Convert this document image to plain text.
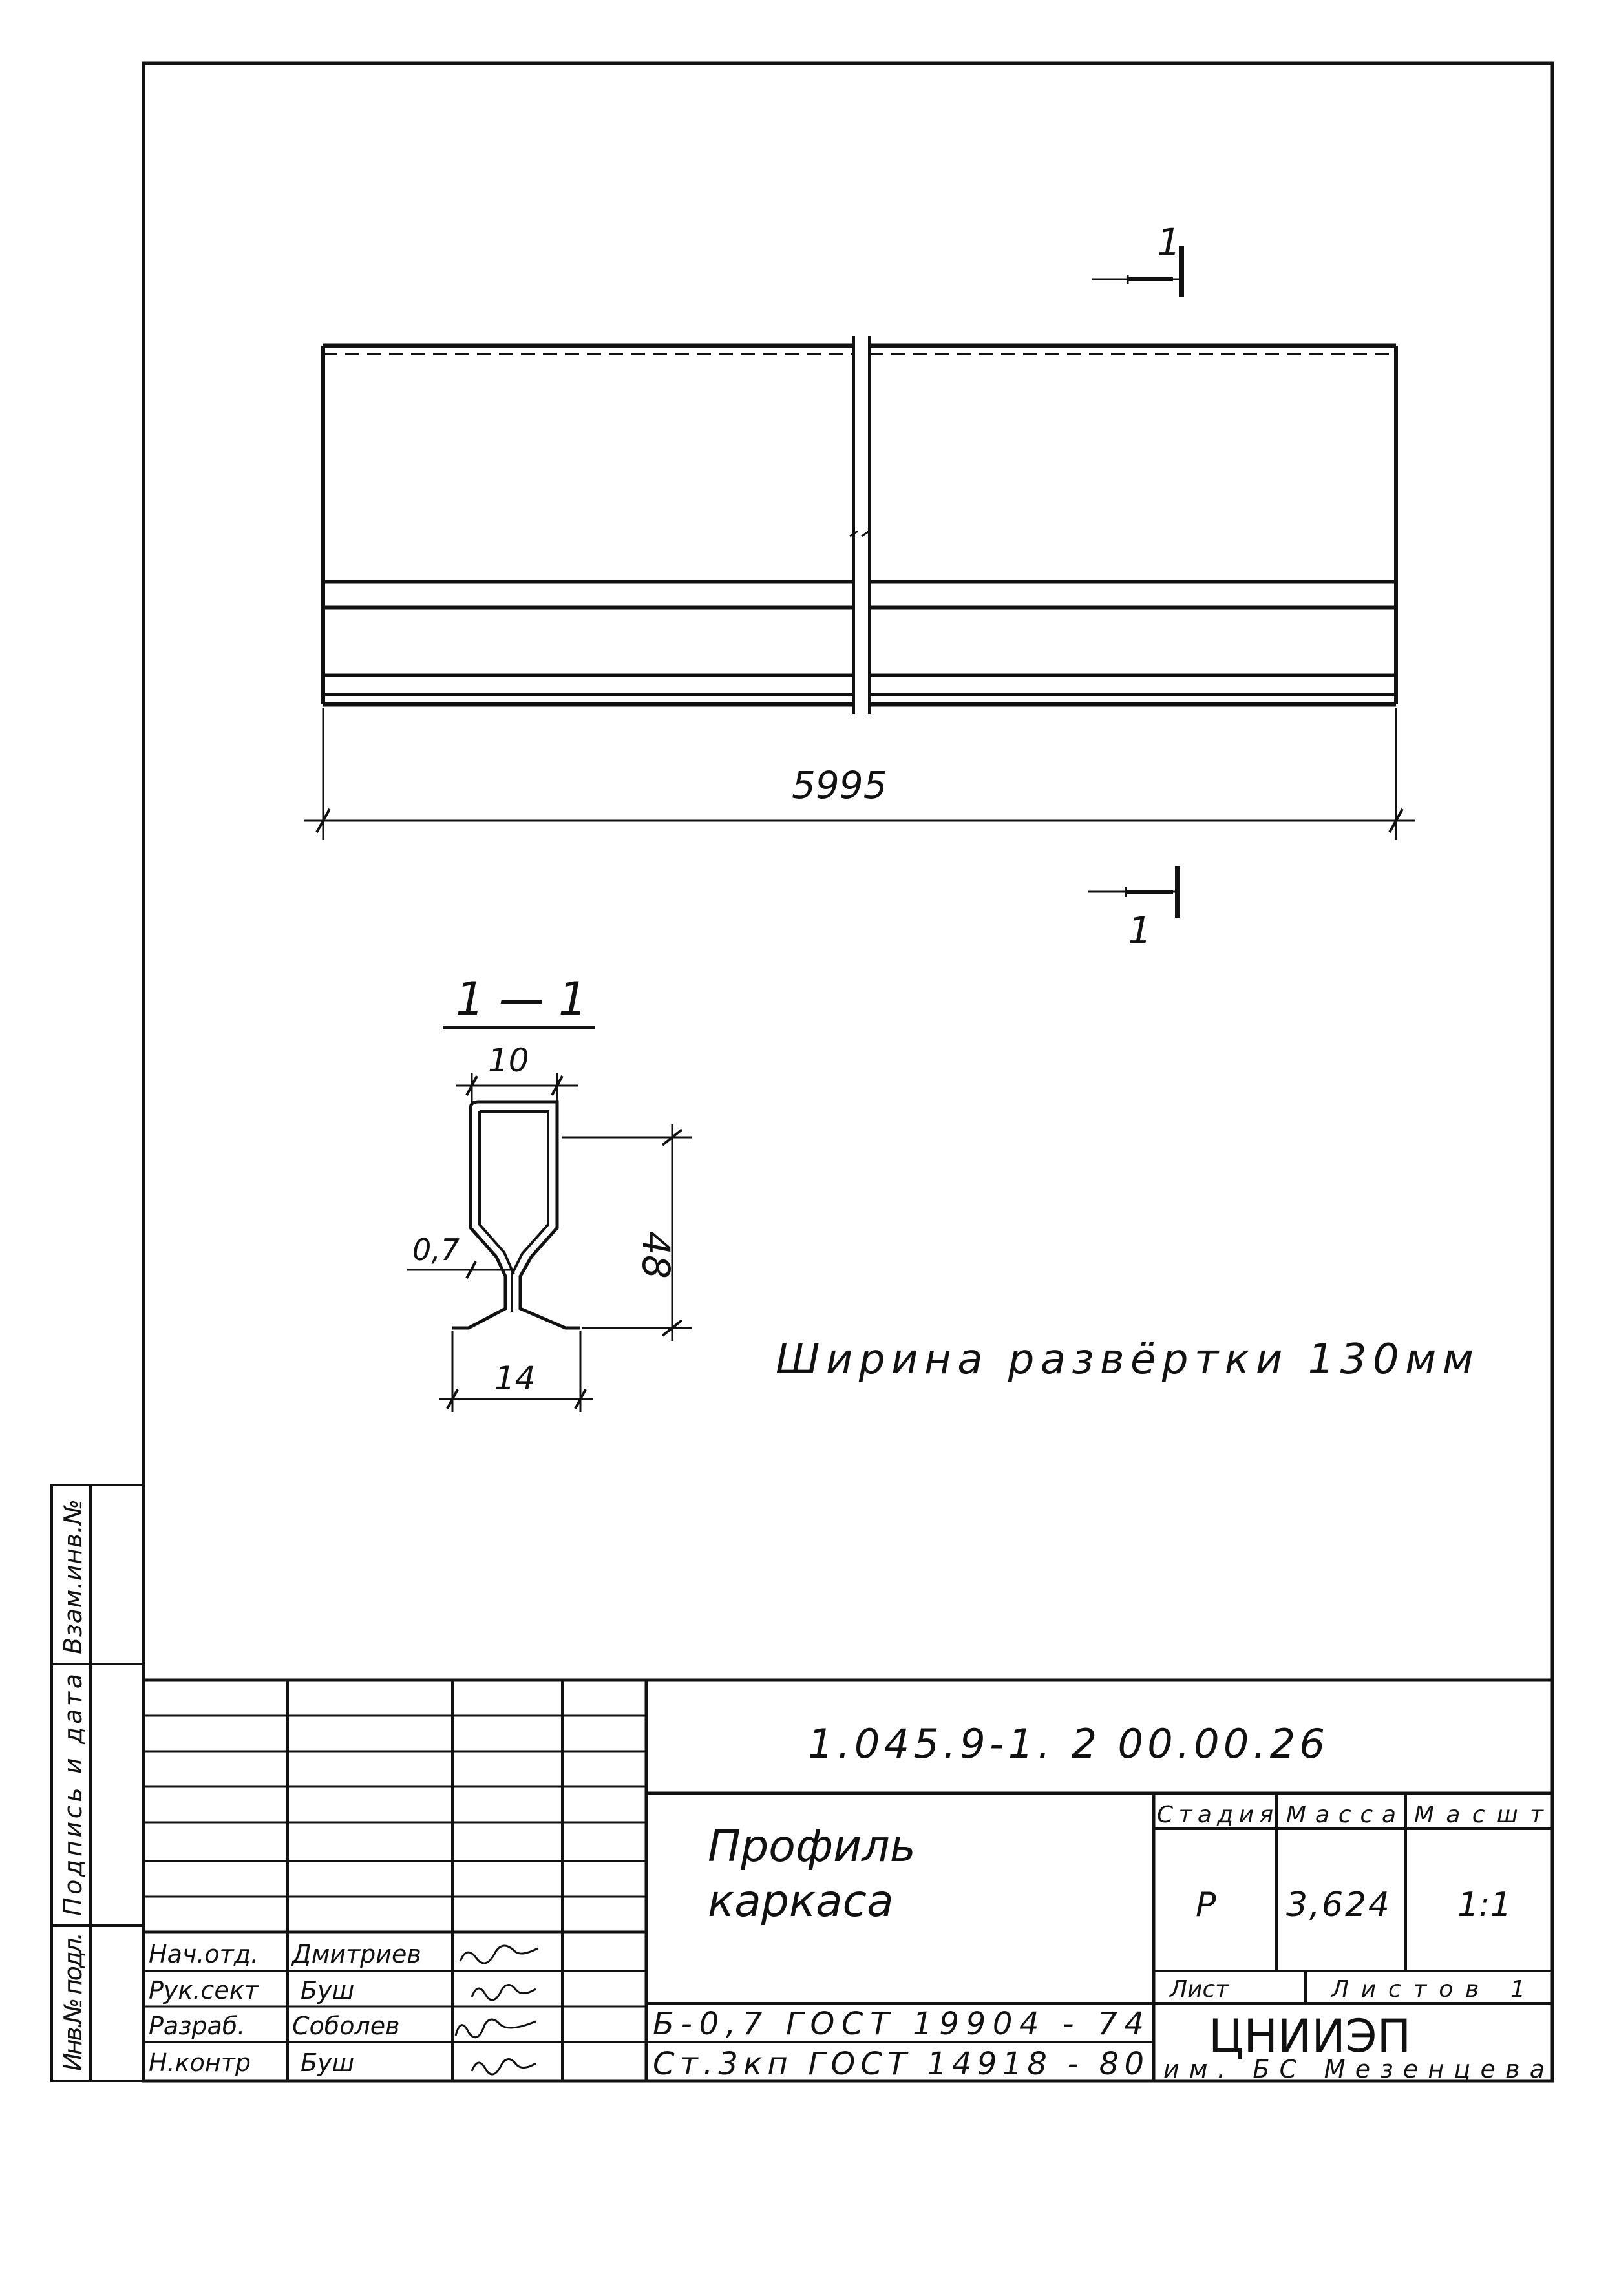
1
1
5995
1 — 1
10
0,7	48
14	Ширина развёртки 130мм
Инв.№ подл.
Подпись и дата
Взам.инв.№
1.045.9-1. 2 00.00.26
Профиль
каркаса
Стадия Масса Масшт
Р 3,624 1:1
Лист	Листов 1
Б-0,7 ГОСТ 19904 - 74
Ст.3кп ГОСТ 14918 - 80
ЦНИИЭП
им. БС Мезенцева
Нач.отд. Дмитриев
Рук.сект Буш
Разраб. Соболев
Н.контр Буш
